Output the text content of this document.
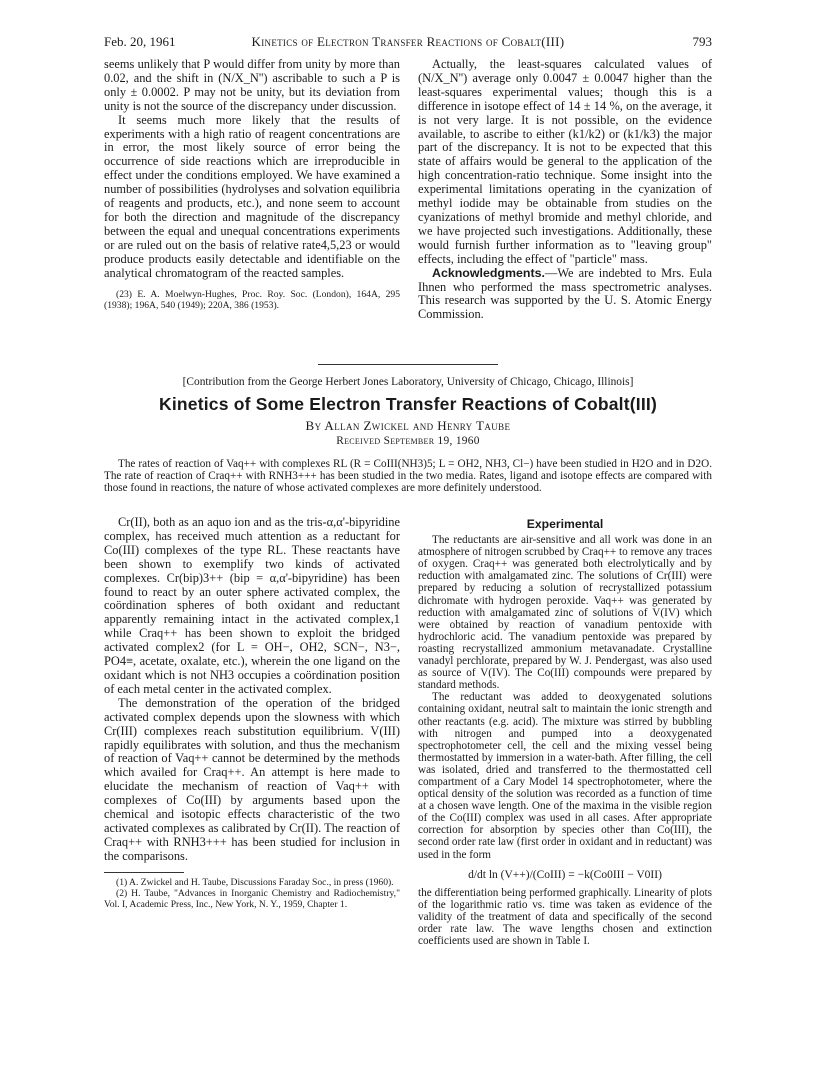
Feb. 20, 1961	Kinetics of Electron Transfer Reactions of Cobalt(III)	793

seems unlikely that P would differ from unity by more than 0.02, and the shift in (N/X_N'') ascribable to such a P is only ± 0.0002. P may not be unity, but its deviation from unity is not the source of the discrepancy under discussion.

It seems much more likely that the results of experiments with a high ratio of reagent concentrations are in error, the most likely source of error being the occurrence of side reactions which are irreproducible in effect under the conditions employed. We have examined a number of possibilities (hydrolyses and solvation equilibria of reagents and products, etc.), and none seem to account for both the direction and magnitude of the discrepancy between the equal and unequal concentrations experiments or are ruled out on the basis of relative rate4,5,23 or would produce products easily detectable and identifiable on the analytical chromatogram of the reacted samples.

(23) E. A. Moelwyn-Hughes, Proc. Roy. Soc. (London), 164A, 295 (1938); 196A, 540 (1949); 220A, 386 (1953).

Actually, the least-squares calculated values of (N/X_N'') average only 0.0047 ± 0.0047 higher than the least-squares experimental values; though this is a difference in isotope effect of 14 ± 14 %, on the average, it is not very large. It is not possible, on the evidence available, to ascribe to either (k1/k2) or (k1/k3) the major part of the discrepancy. It is not to be expected that this state of affairs would be general to the application of the high concentration-ratio technique. Some insight into the experimental limitations operating in the cyanization of methyl iodide may be obtainable from studies on the cyanizations of methyl bromide and methyl chloride, and we have projected such investigations. Additionally, these would furnish further information as to "leaving group" effects, including the effect of "particle" mass.

Acknowledgments.—We are indebted to Mrs. Eula Ihnen who performed the mass spectrometric analyses. This research was supported by the U. S. Atomic Energy Commission.

[Contribution from the George Herbert Jones Laboratory, University of Chicago, Chicago, Illinois]
Kinetics of Some Electron Transfer Reactions of Cobalt(III)
By Allan Zwickel and Henry Taube
Received September 19, 1960
The rates of reaction of Vaq++ with complexes RL (R = CoIII(NH3)5; L = OH2, NH3, Cl−) have been studied in H2O and in D2O. The rate of reaction of Craq++ with RNH3+++ has been studied in the two media. Rates, ligand and isotope effects are compared with those found in reactions, the nature of whose activated complexes are more definitely understood.

Cr(II), both as an aquo ion and as the tris-α,α'-bipyridine complex, has received much attention as a reductant for Co(III) complexes of the type RL. These reactants have been shown to exemplify two kinds of activated complexes. Cr(bip)3++ (bip = α,α'-bipyridine) has been found to react by an outer sphere activated complex, the coördination spheres of both oxidant and reductant apparently remaining intact in the activated complex,1 while Craq++ has been shown to exploit the bridged activated complex2 (for L = OH−, OH2, SCN−, N3−, PO4≡, acetate, oxalate, etc.), wherein the one ligand on the oxidant which is not NH3 occupies a coördination position of each metal center in the activated complex.

The demonstration of the operation of the bridged activated complex depends upon the slowness with which Cr(III) complexes reach substitution equilibrium. V(III) rapidly equilibrates with solution, and thus the mechanism of reaction of Vaq++ cannot be determined by the methods which availed for Craq++. An attempt is here made to elucidate the mechanism of reaction of Vaq++ with complexes of Co(III) by arguments based upon the chemical and isotopic effects characteristic of the two activated complexes as calibrated by Cr(II). The reaction of Craq++ with RNH3+++ has been studied for inclusion in the comparisons.

(1) A. Zwickel and H. Taube, Discussions Faraday Soc., in press (1960).

(2) H. Taube, "Advances in Inorganic Chemistry and Radiochemistry," Vol. I, Academic Press, Inc., New York, N. Y., 1959, Chapter 1.

Experimental

The reductants are air-sensitive and all work was done in an atmosphere of nitrogen scrubbed by Craq++ to remove any traces of oxygen. Craq++ was generated both electrolytically and by reduction with amalgamated zinc. The solutions of Cr(III) were prepared by reducing a solution of recrystallized potassium dichromate with hydrogen peroxide. Vaq++ was generated by reduction with amalgamated zinc of solutions of V(IV) which were obtained by reaction of vanadium pentoxide with hydrochloric acid. The vanadium pentoxide was prepared by roasting recrystallized ammonium metavanadate. Crystalline vanadyl perchlorate, prepared by W. J. Pendergast, was also used as source of V(IV). The Co(III) compounds were prepared by standard methods.

The reductant was added to deoxygenated solutions containing oxidant, neutral salt to maintain the ionic strength and other reactants (e.g. acid). The mixture was stirred by bubbling with nitrogen and pumped into a deoxygenated spectrophotometer cell, the cell and the mixing vessel being thermostatted by immersion in a water-bath. After filling, the cell was isolated, dried and transferred to the thermostatted cell compartment of a Cary Model 14 spectrophotometer, where the optical density of the solution was recorded as a function of time at a chosen wave length. One of the maxima in the visible region of the Co(III) complex was used in all cases. After appropriate correction for absorption by species other than Co(III), the second order rate law (first order in oxidant and in reductant) was used in the form

d/dt ln (V++)/(CoIII) = −k(Co0III − V0II)

the differentiation being performed graphically. Linearity of plots of the logarithmic ratio vs. time was taken as evidence of the validity of the treatment of data and specifically of the second order rate law. The wave lengths chosen and extinction coefficients used are shown in Table I.
